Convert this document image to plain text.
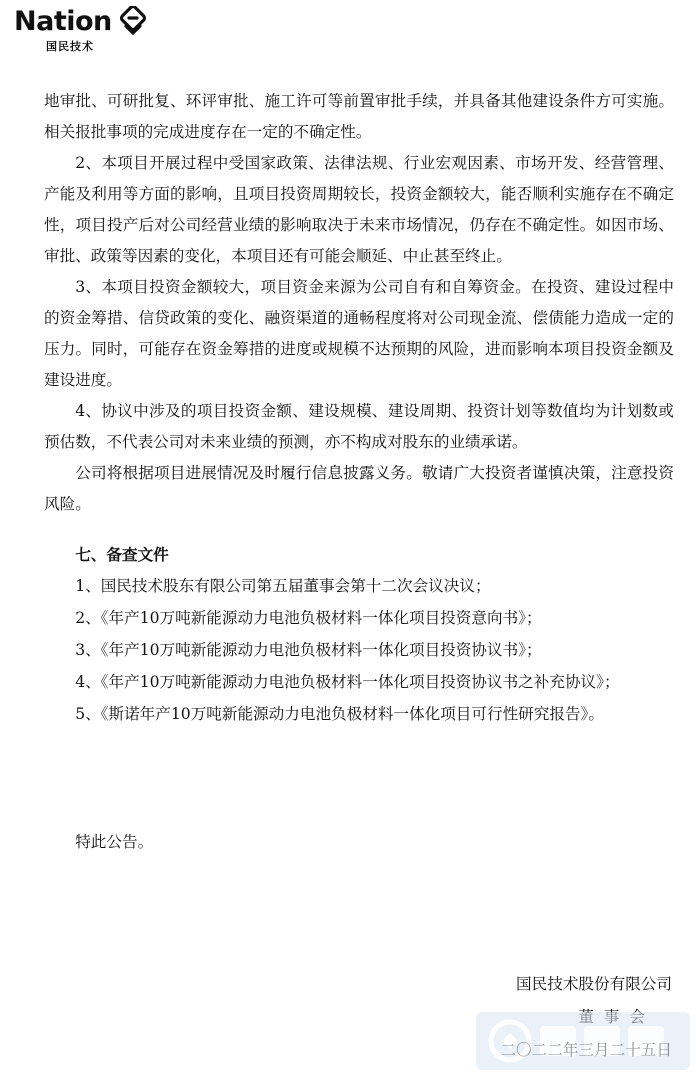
Nation
国民技术

地审批、可研批复、环评审批、施工许可等前置审批手续，并具备其他建设条件方可实施。相关报批事项的完成进度存在一定的不确定性。

2、本项目开展过程中受国家政策、法律法规、行业宏观因素、市场开发、经营管理、产能及利用等方面的影响，且项目投资周期较长，投资金额较大，能否顺利实施存在不确定性，项目投产后对公司经营业绩的影响取决于未来市场情况，仍存在不确定性。如因市场、审批、政策等因素的变化，本项目还有可能会顺延、中止甚至终止。

3、本项目投资金额较大，项目资金来源为公司自有和自筹资金。在投资、建设过程中的资金筹措、信贷政策的变化、融资渠道的通畅程度将对公司现金流、偿债能力造成一定的压力。同时，可能存在资金筹措的进度或规模不达预期的风险，进而影响本项目投资金额及建设进度。

4、协议中涉及的项目投资金额、建设规模、建设周期、投资计划等数值均为计划数或预估数，不代表公司对未来业绩的预测，亦不构成对股东的业绩承诺。

公司将根据项目进展情况及时履行信息披露义务。敬请广大投资者谨慎决策，注意投资风险。

七、备查文件

1、国民技术股东有限公司第五届董事会第十二次会议决议；

2、《年产10万吨新能源动力电池负极材料一体化项目投资意向书》；

3、《年产10万吨新能源动力电池负极材料一体化项目投资协议书》；

4、《年产10万吨新能源动力电池负极材料一体化项目投资协议书之补充协议》；

5、《斯诺年产10万吨新能源动力电池负极材料一体化项目可行性研究报告》。

特此公告。

国民技术股份有限公司
